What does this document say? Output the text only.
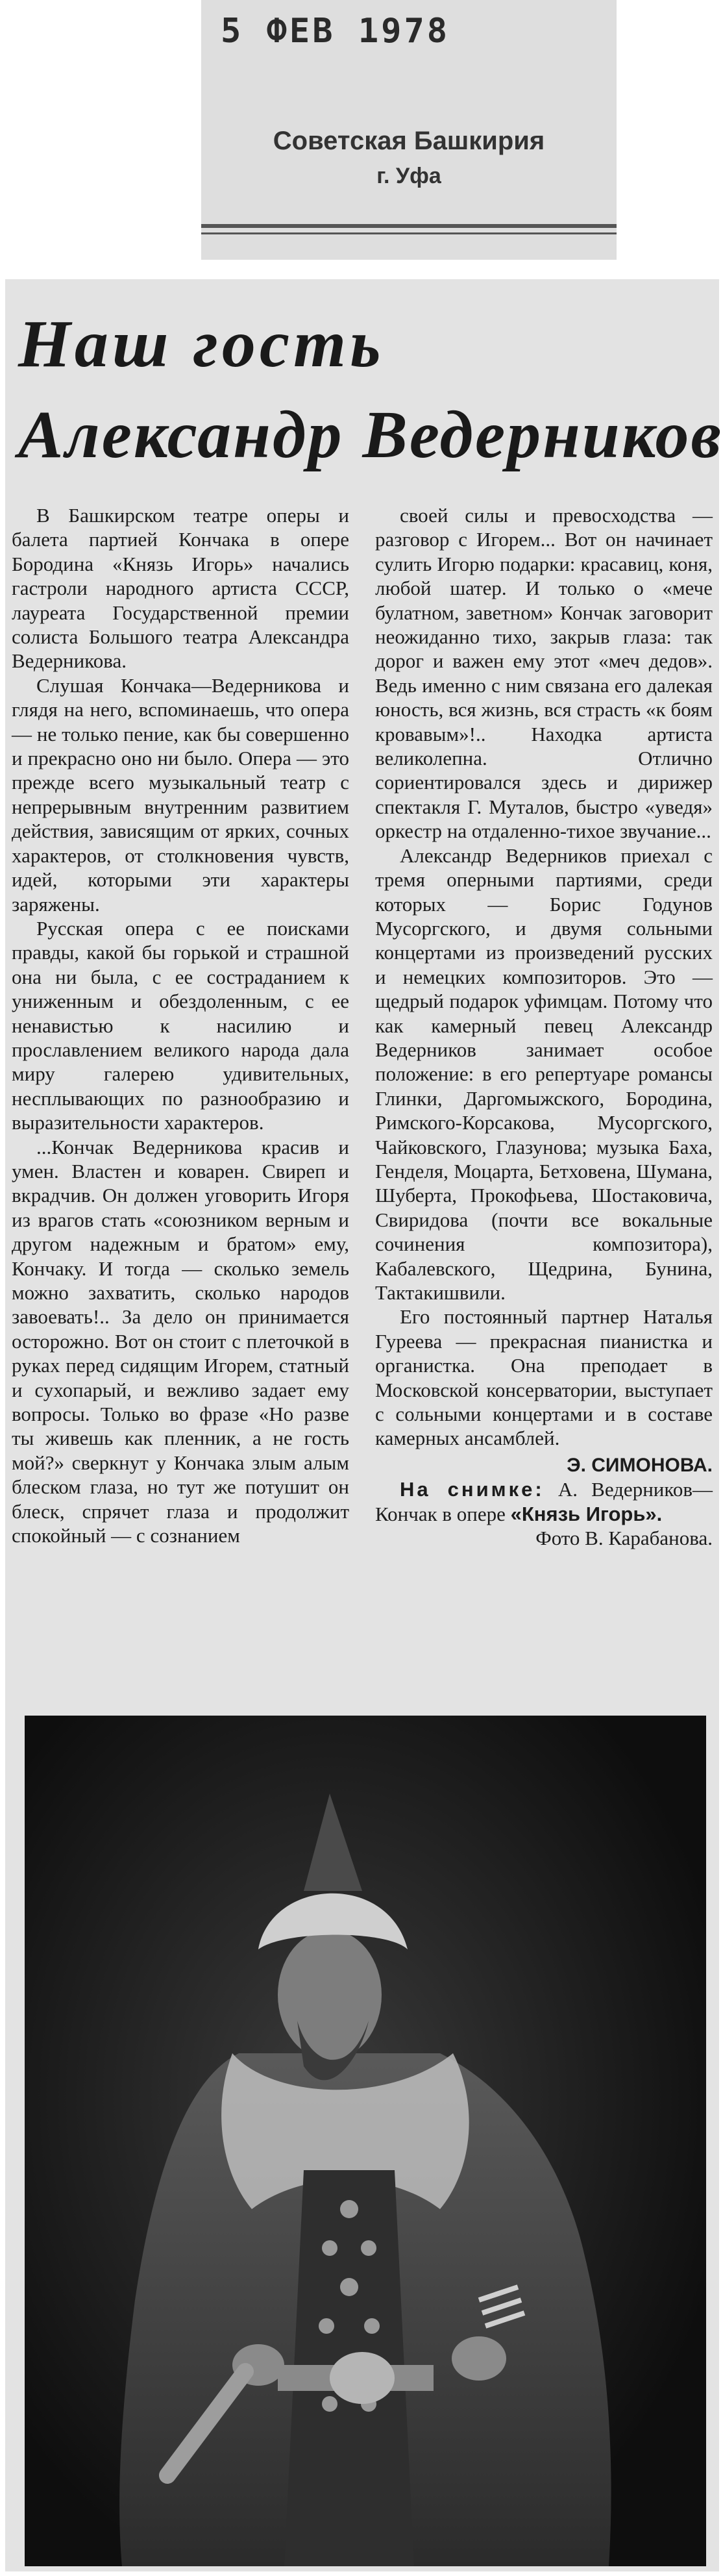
5 ФЕВ 1978
Советская Башкирия
г. Уфа
Наш гость
Александр Ведерников

В Башкирском театре оперы и балета партией Кончака в опере Бородина «Князь Игорь» начались гастроли народного артиста СССР, лауреата Государственной премии солиста Большого театра Александра Ведерникова.

Слушая Кончака—Ведерникова и глядя на него, вспоминаешь, что опера — не только пение, как бы совершенно и прекрасно оно ни было. Опера — это прежде всего музыкальный театр с непрерывным внутренним развитием действия, зависящим от ярких, сочных характеров, от столкновения чувств, идей, которыми эти характеры заряжены.

Русская опера с ее поисками правды, какой бы горькой и страшной она ни была, с ее состраданием к униженным и обездоленным, с ее ненавистью к насилию и прославлением великого народа дала миру галерею удивительных, несплывающих по разнообразию и выразительности характеров.

...Кончак Ведерникова красив и умен. Властен и коварен. Свиреп и вкрадчив. Он должен уговорить Игоря из врагов стать «союзником верным и другом надежным и братом» ему, Кончаку. И тогда — сколько земель можно захватить, сколько народов завоевать!.. За дело он принимается осторожно. Вот он стоит с плеточкой в руках перед сидящим Игорем, статный и сухопарый, и вежливо задает ему вопросы. Только во фразе «Но разве ты живешь как пленник, а не гость мой?» сверкнут у Кончака злым алым блеском глаза, но тут же потушит он блеск, спрячет глаза и продолжит спокойный — с сознанием

своей силы и превосходства — разговор с Игорем... Вот он начинает сулить Игорю подарки: красавиц, коня, любой шатер. И только о «мече булатном, заветном» Кончак заговорит неожиданно тихо, закрыв глаза: так дорог и важен ему этот «меч дедов». Ведь именно с ним связана его далекая юность, вся жизнь, вся страсть «к боям кровавым»!.. Находка артиста великолепна. Отлично сориентировался здесь и дирижер спектакля Г. Муталов, быстро «уведя» оркестр на отдаленно-тихое звучание...

Александр Ведерников приехал с тремя оперными партиями, среди которых — Борис Годунов Мусоргского, и двумя сольными концертами из произведений русских и немецких композиторов. Это — щедрый подарок уфимцам. Потому что как камерный певец Александр Ведерников занимает особое положение: в его репертуаре романсы Глинки, Даргомыжского, Бородина, Римского-Корсакова, Мусоргского, Чайковского, Глазунова; музыка Баха, Генделя, Моцарта, Бетховена, Шумана, Шуберта, Прокофьева, Шостаковича, Свиридова (почти все вокальные сочинения композитора), Кабалевского, Щедрина, Бунина, Тактакишвили.

Его постоянный партнер Наталья Гуреева — прекрасная пианистка и органистка. Она преподает в Московской консерватории, выступает с сольными концертами и в составе камерных ансамблей.

Э. СИМОНОВА.

На снимке: А. Ведерников—Кончак в опере «Князь Игорь».

Фото В. Карабанова.
